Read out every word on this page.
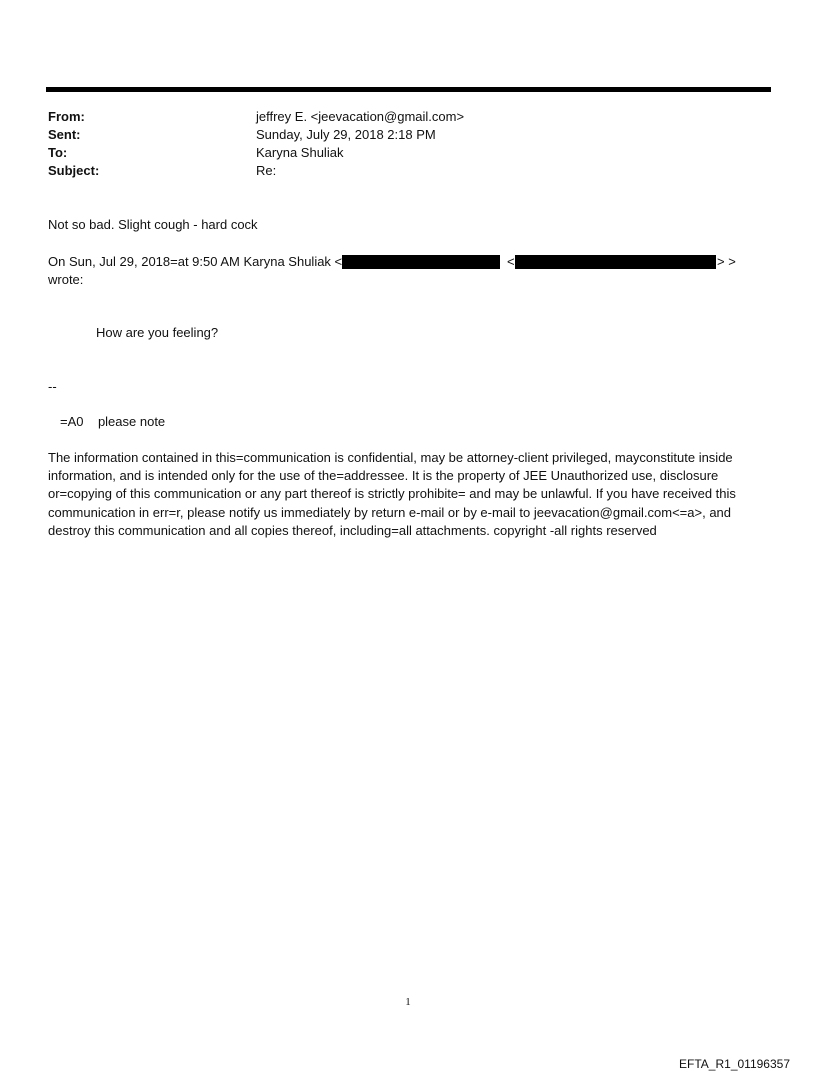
From:	jeffrey E. <jeevacation@gmail.com>
Sent:	Sunday, July 29, 2018 2:18 PM
To:	Karyna Shuliak
Subject:	Re:
Not so bad. Slight cough - hard cock
On Sun, Jul 29, 2018=at 9:50 AM Karyna Shuliak <	<	> >
wrote:
How are you feeling?
--
=A0    please note
The information contained in this=communication is confidential, may be attorney-client privileged, mayconstitute inside information, and is intended only for the use of the=addressee. It is the property of JEE Unauthorized use, disclosure or=copying of this communication or any part thereof is strictly prohibite= and may be unlawful. If you have received this communication in err=r, please notify us immediately by return e-mail or by e-mail to jeevacation@gmail.com<=a>, and destroy this communication and all copies thereof, including=all attachments. copyright -all rights reserved
1
EFTA_R1_01196357
